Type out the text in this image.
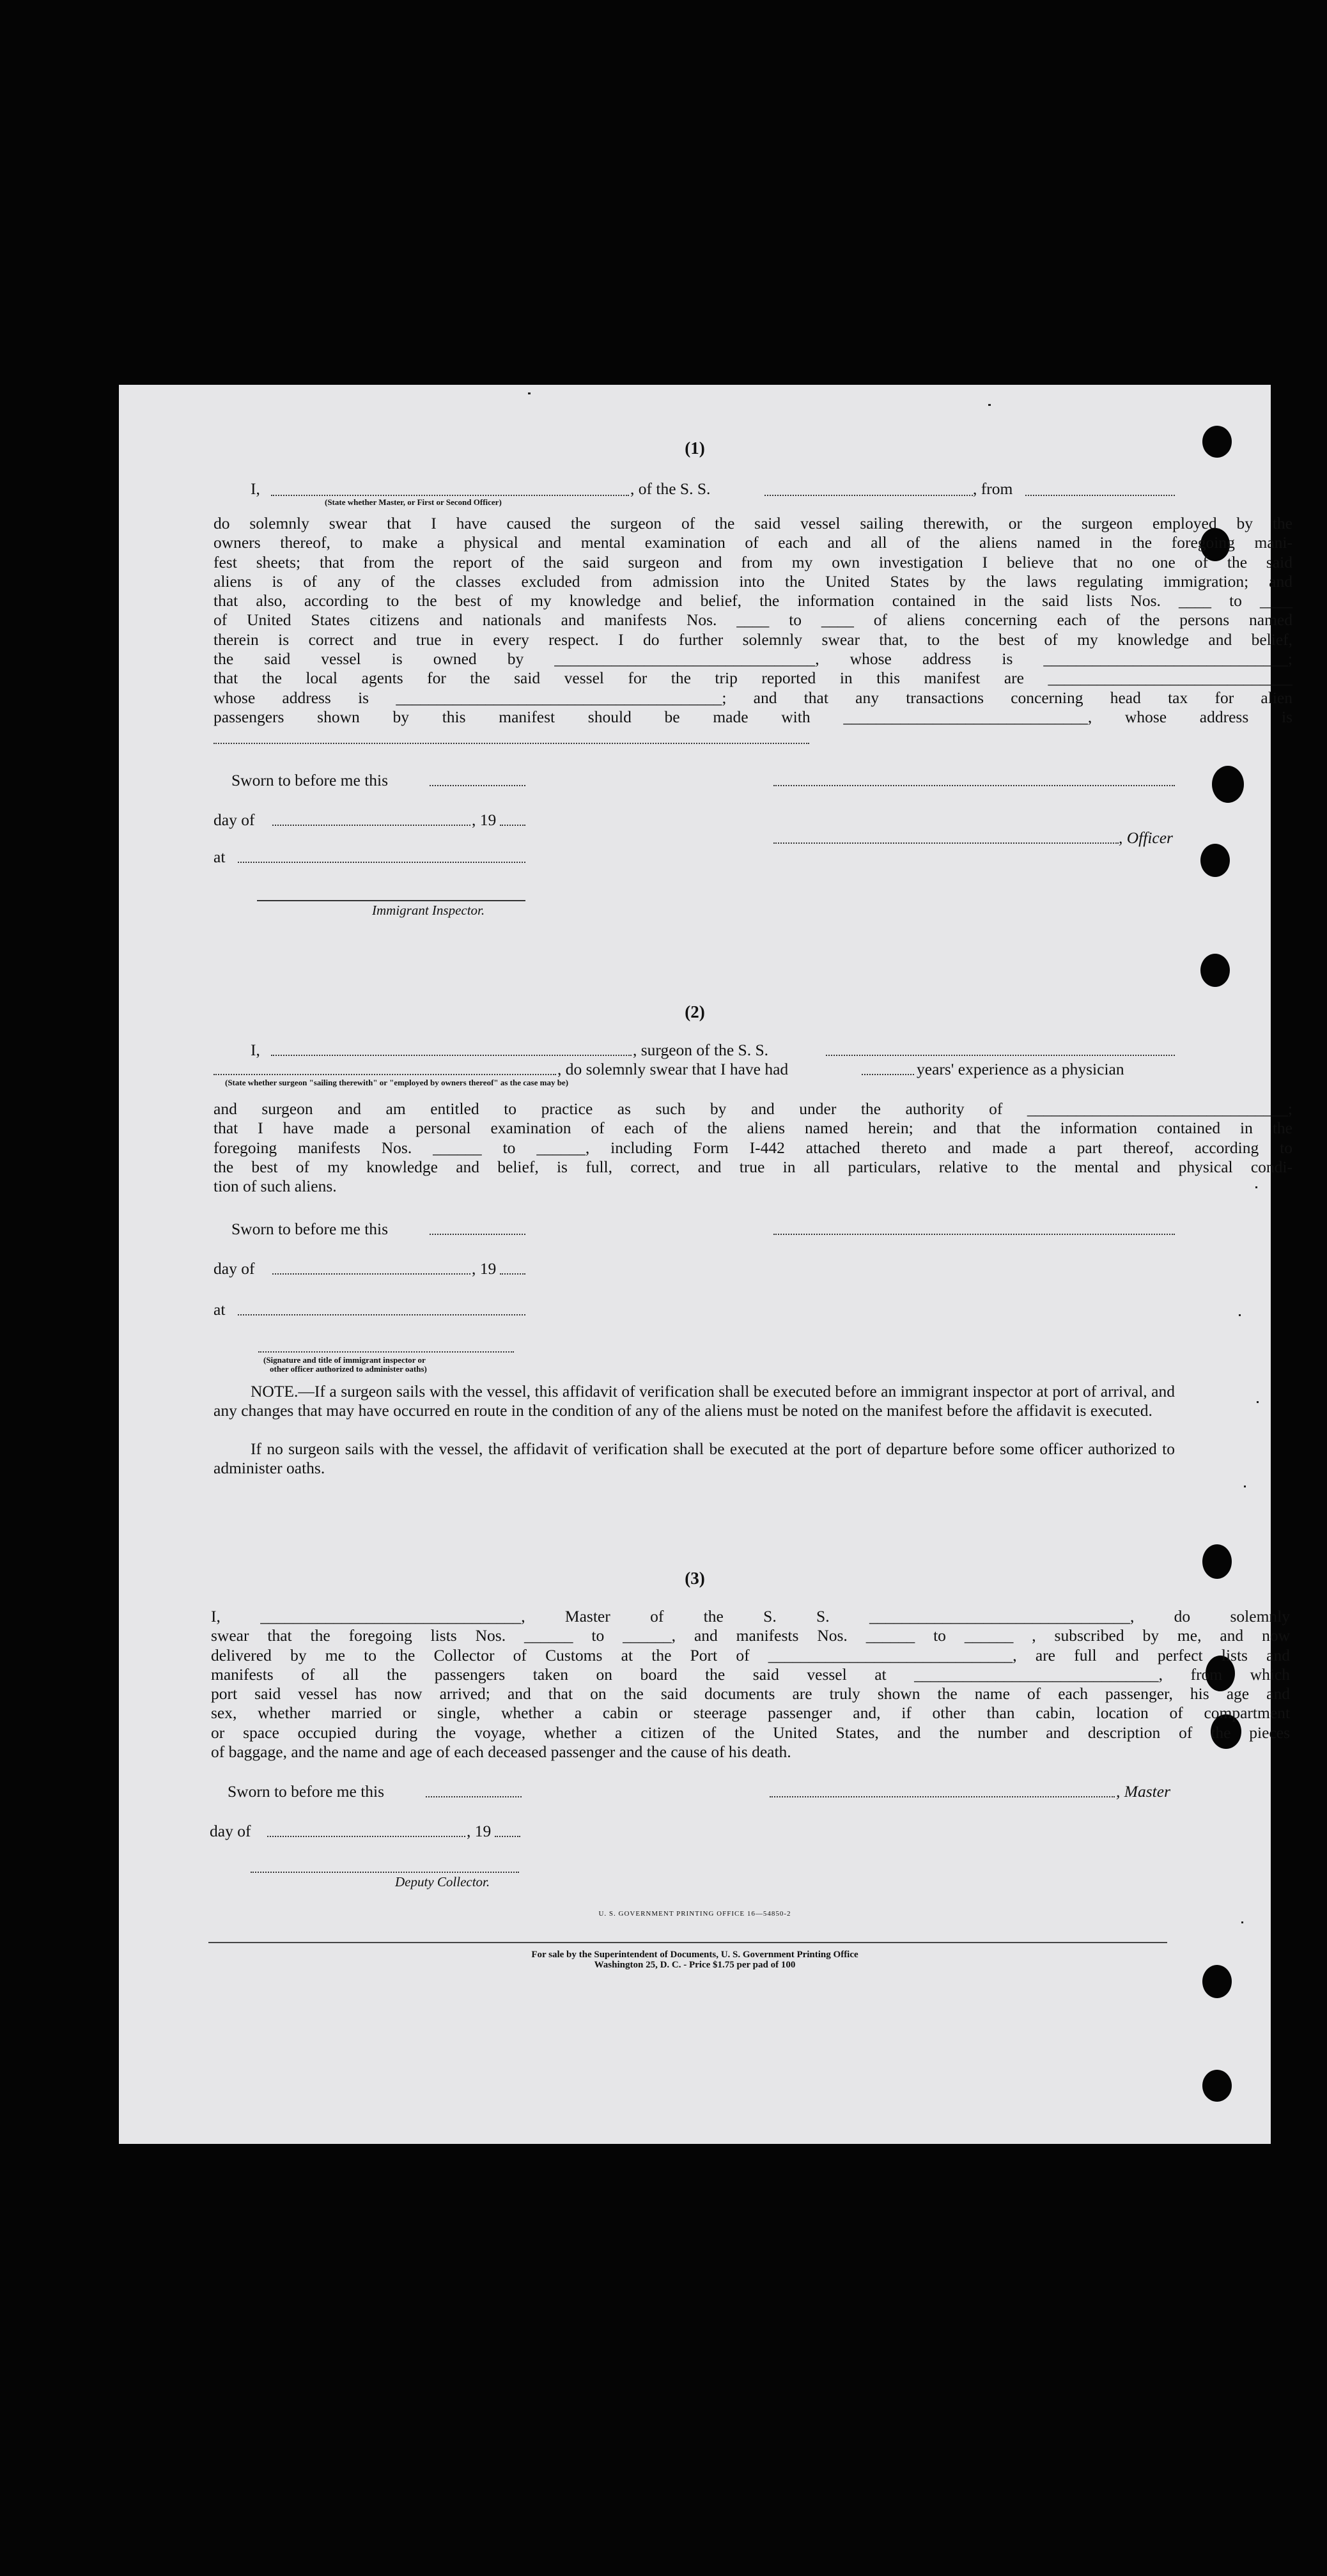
(1)
I,
(State whether Master, or First or Second Officer)
, of the S. S.	, from
do solemnly swear that I have caused the surgeon of the said vessel sailing therewith, or the surgeon employed by the
owners thereof, to make a physical and mental examination of each and all of the aliens named in the foregoing mani-
fest sheets; that from the report of the said surgeon and from my own investigation I believe that no one of the said
aliens is of any of the classes excluded from admission into the United States by the laws regulating immigration; and
that also, according to the best of my knowledge and belief, the information contained in the said lists Nos. ____ to ____
of United States citizens and nationals and manifests Nos. ____ to ____ of aliens concerning each of the persons named
therein is correct and true in every respect. I do further solemnly swear that, to the best of my knowledge and belief,
the said vessel is owned by ________________________________, whose address is ______________________________;
that the local agents for the said vessel for the trip reported in this manifest are ______________________________
whose address is ________________________________________; and that any transactions concerning head tax for alien
passengers shown by this manifest should be made with ______________________________, whose address is
Sworn to before me this
day of	, 19
, Officer
at
Immigrant Inspector.
(2)
I,	, surgeon of the S. S.
, do solemnly swear that I have had	years' experience as a physician
(State whether surgeon "sailing therewith" or "employed by owners thereof" as the case may be)
and surgeon and am entitled to practice as such by and under the authority of ________________________________;
that I have made a personal examination of each of the aliens named herein; and that the information contained in the
foregoing manifests Nos. ______ to ______, including Form I-442 attached thereto and made a part thereof, according to
the best of my knowledge and belief, is full, correct, and true in all particulars, relative to the mental and physical condi-
tion of such aliens.
Sworn to before me this
day of	, 19
at
(Signature and title of immigrant inspector or
other officer authorized to administer oaths)
NOTE.—If a surgeon sails with the vessel, this affidavit of verification shall be executed before an immigrant inspector at port of arrival, and any changes that may have occurred en route in the condition of any of the aliens must be noted on the manifest before the affidavit is executed.
If no surgeon sails with the vessel, the affidavit of verification shall be executed at the port of departure before some officer authorized to administer oaths.
(3)
I, ________________________________, Master of the S. S. ________________________________, do solemnly
swear that the foregoing lists Nos. ______ to ______, and manifests Nos. ______ to ______ , subscribed by me, and now
delivered by me to the Collector of Customs at the Port of ______________________________, are full and perfect lists and
manifests of all the passengers taken on board the said vessel at ______________________________, from which
port said vessel has now arrived; and that on the said documents are truly shown the name of each passenger, his age and
sex, whether married or single, whether a cabin or steerage passenger and, if other than cabin, location of compartment
or space occupied during the voyage, whether a citizen of the United States, and the number and description of the pieces
of baggage, and the name and age of each deceased passenger and the cause of his death.
Sworn to before me this	, Master
day of	, 19
Deputy Collector.
U. S. GOVERNMENT PRINTING OFFICE 16—54850-2
For sale by the Superintendent of Documents, U. S. Government Printing Office
Washington 25, D. C. - Price $1.75 per pad of 100
